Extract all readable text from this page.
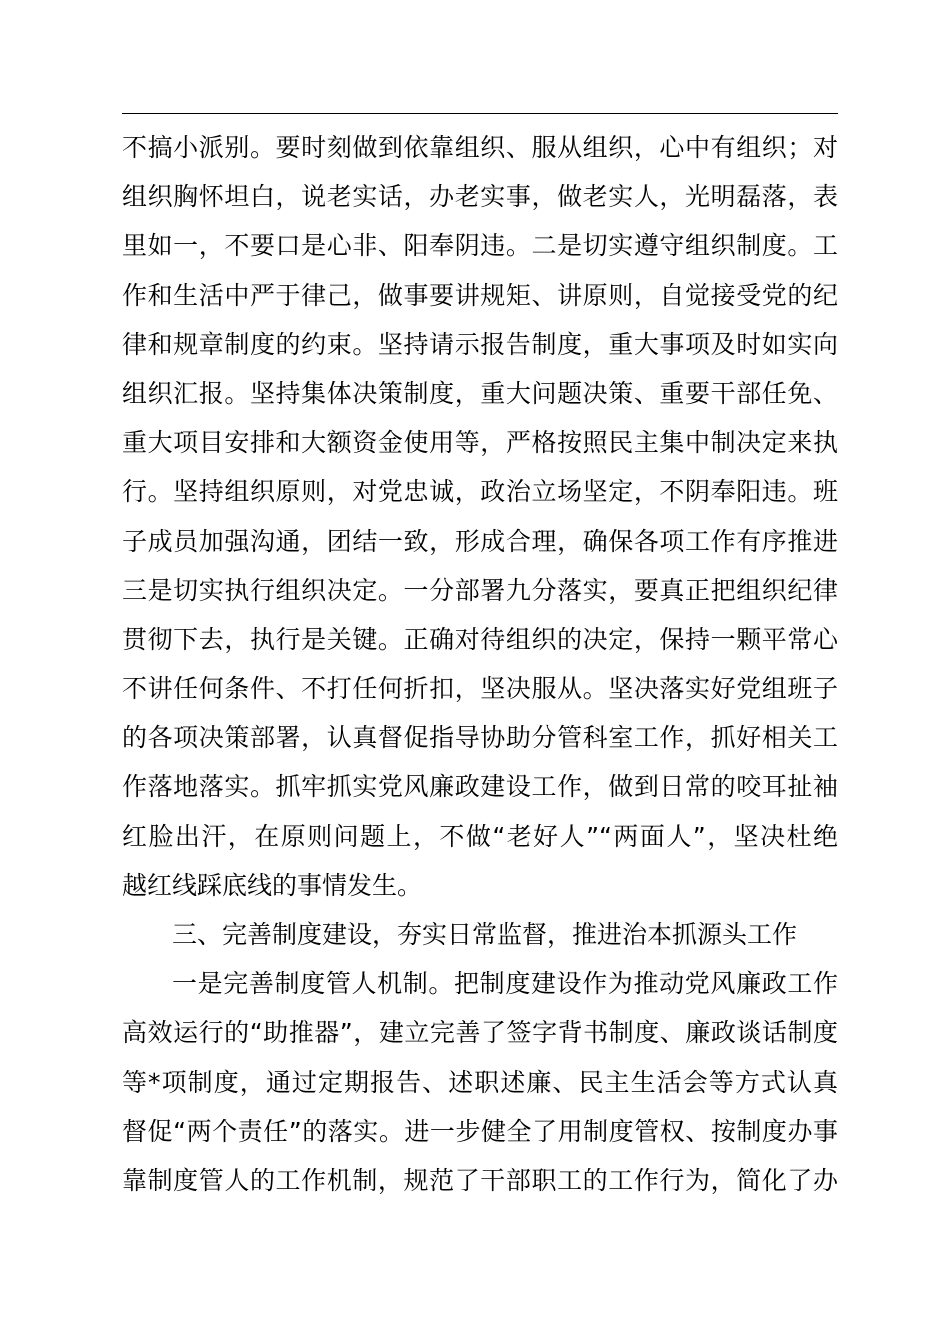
不搞小派别。要时刻做到依靠组织、服从组织，心中有组织；对
组织胸怀坦白，说老实话，办老实事，做老实人，光明磊落，表
里如一，不要口是心非、阳奉阴违。二是切实遵守组织制度。工
作和生活中严于律己，做事要讲规矩、讲原则，自觉接受党的纪
律和规章制度的约束。坚持请示报告制度，重大事项及时如实向
组织汇报。坚持集体决策制度，重大问题决策、重要干部任免、
重大项目安排和大额资金使用等，严格按照民主集中制决定来执
行。坚持组织原则，对党忠诚，政治立场坚定，不阴奉阳违。班
子成员加强沟通，团结一致，形成合理，确保各项工作有序推进
三是切实执行组织决定。一分部署九分落实，要真正把组织纪律
贯彻下去，执行是关键。正确对待组织的决定，保持一颗平常心
不讲任何条件、不打任何折扣，坚决服从。坚决落实好党组班子
的各项决策部署，认真督促指导协助分管科室工作，抓好相关工
作落地落实。抓牢抓实党风廉政建设工作，做到日常的咬耳扯袖
红脸出汗，在原则问题上，不做“老好人”“两面人”，坚决杜绝
越红线踩底线的事情发生。
三、完善制度建设，夯实日常监督，推进治本抓源头工作
一是完善制度管人机制。把制度建设作为推动党风廉政工作
高效运行的“助推器”，建立完善了签字背书制度、廉政谈话制度
等*项制度，通过定期报告、述职述廉、民主生活会等方式认真
督促“两个责任”的落实。进一步健全了用制度管权、按制度办事
靠制度管人的工作机制，规范了干部职工的工作行为，简化了办
